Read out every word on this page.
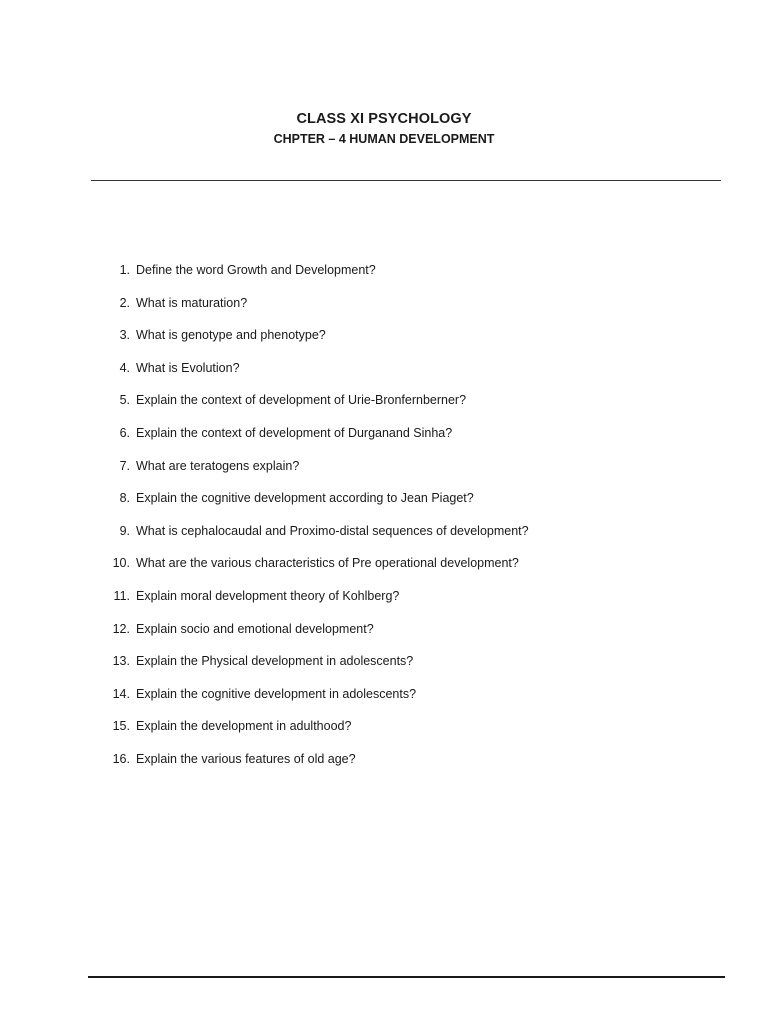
CLASS XI PSYCHOLOGY
CHPTER – 4 HUMAN DEVELOPMENT
1. Define the word Growth and Development?
2. What is maturation?
3. What is genotype and phenotype?
4. What is Evolution?
5. Explain the context of development of Urie-Bronfernberner?
6. Explain the context of development of Durganand Sinha?
7. What are teratogens explain?
8. Explain the cognitive development according to Jean Piaget?
9. What is cephalocaudal and Proximo-distal sequences of development?
10. What are the various characteristics of Pre operational development?
11. Explain moral development theory of Kohlberg?
12. Explain socio and emotional development?
13. Explain the Physical development in adolescents?
14. Explain the cognitive development in adolescents?
15. Explain the development in adulthood?
16. Explain the various features of old age?
